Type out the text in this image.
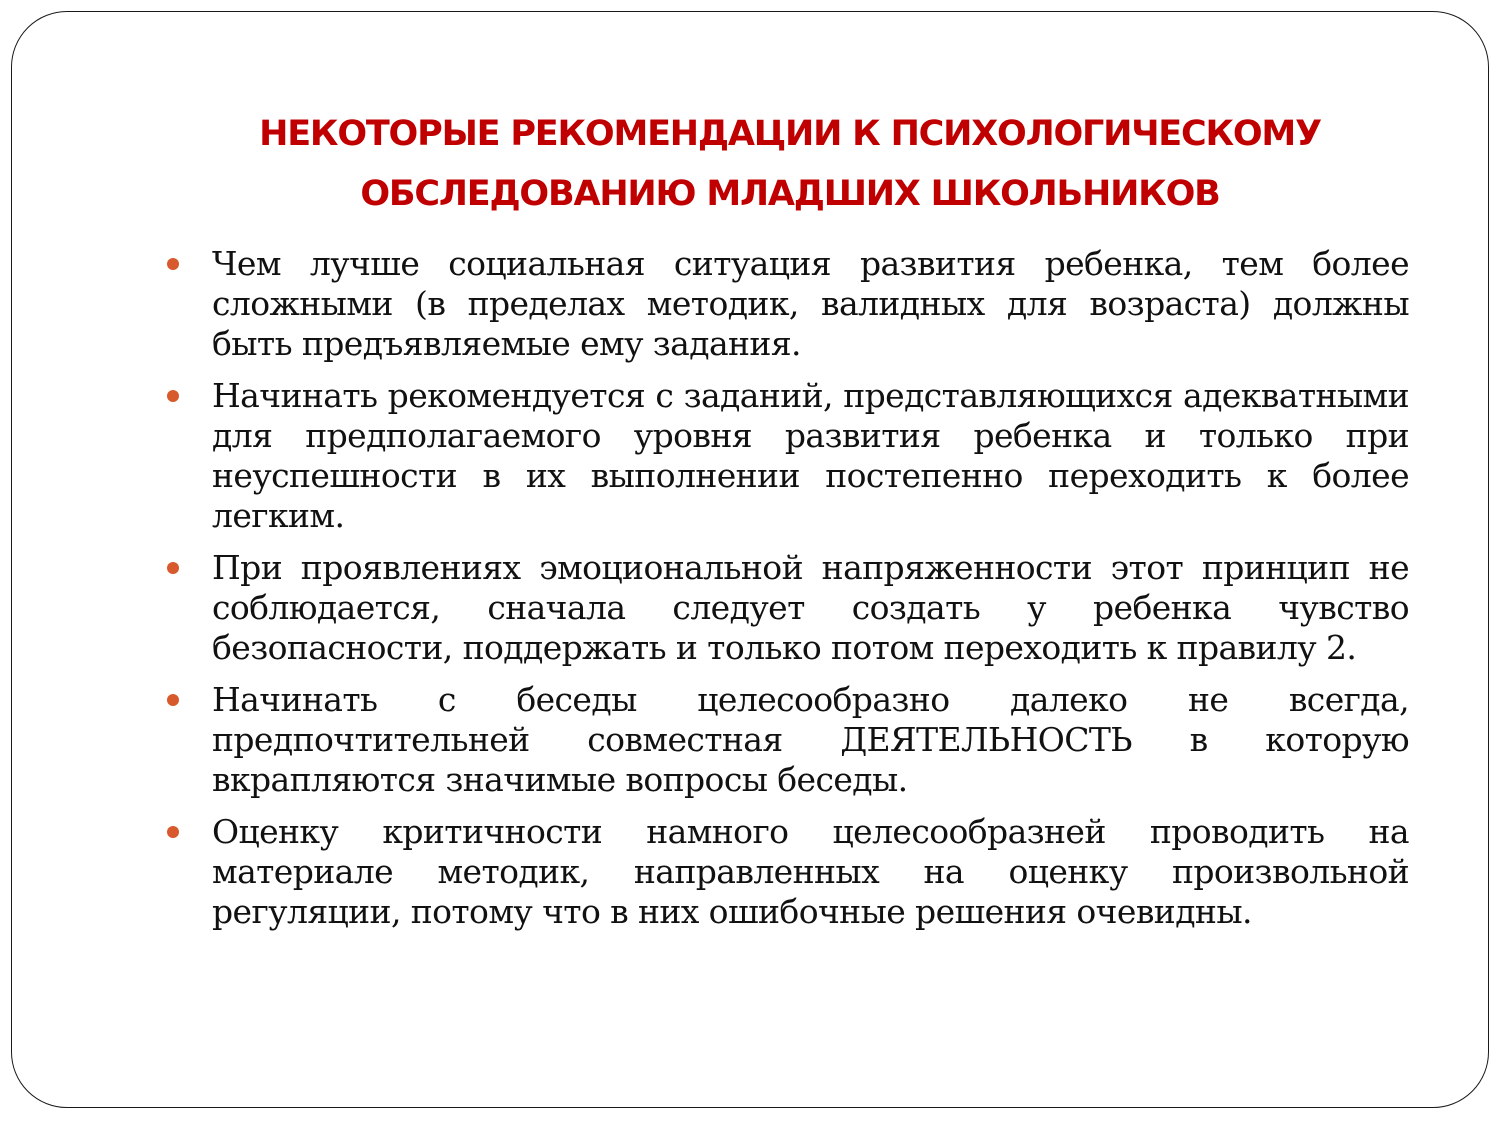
НЕКОТОРЫЕ РЕКОМЕНДАЦИИ К ПСИХОЛОГИЧЕСКОМУ ОБСЛЕДОВАНИЮ МЛАДШИХ ШКОЛЬНИКОВ
Чем лучше социальная ситуация развития ребенка, тем более сложными (в пределах методик, валидных для возраста) должны быть предъявляемые ему задания.
Начинать рекомендуется с заданий, представляющихся адекватными для предполагаемого уровня развития ребенка и только при неуспешности в их выполнении постепенно переходить к более легким.
При проявлениях эмоциональной напряженности этот принцип не соблюдается, сначала следует создать у ребенка чувство безопасности, поддержать и только потом переходить к правилу 2.
Начинать с беседы целесообразно далеко не всегда, предпочтительней совместная ДЕЯТЕЛЬНОСТЬ в которую вкрапляются значимые вопросы беседы.
Оценку критичности намного целесообразней проводить на материале методик, направленных на оценку произвольной регуляции, потому что в них ошибочные решения очевидны.
